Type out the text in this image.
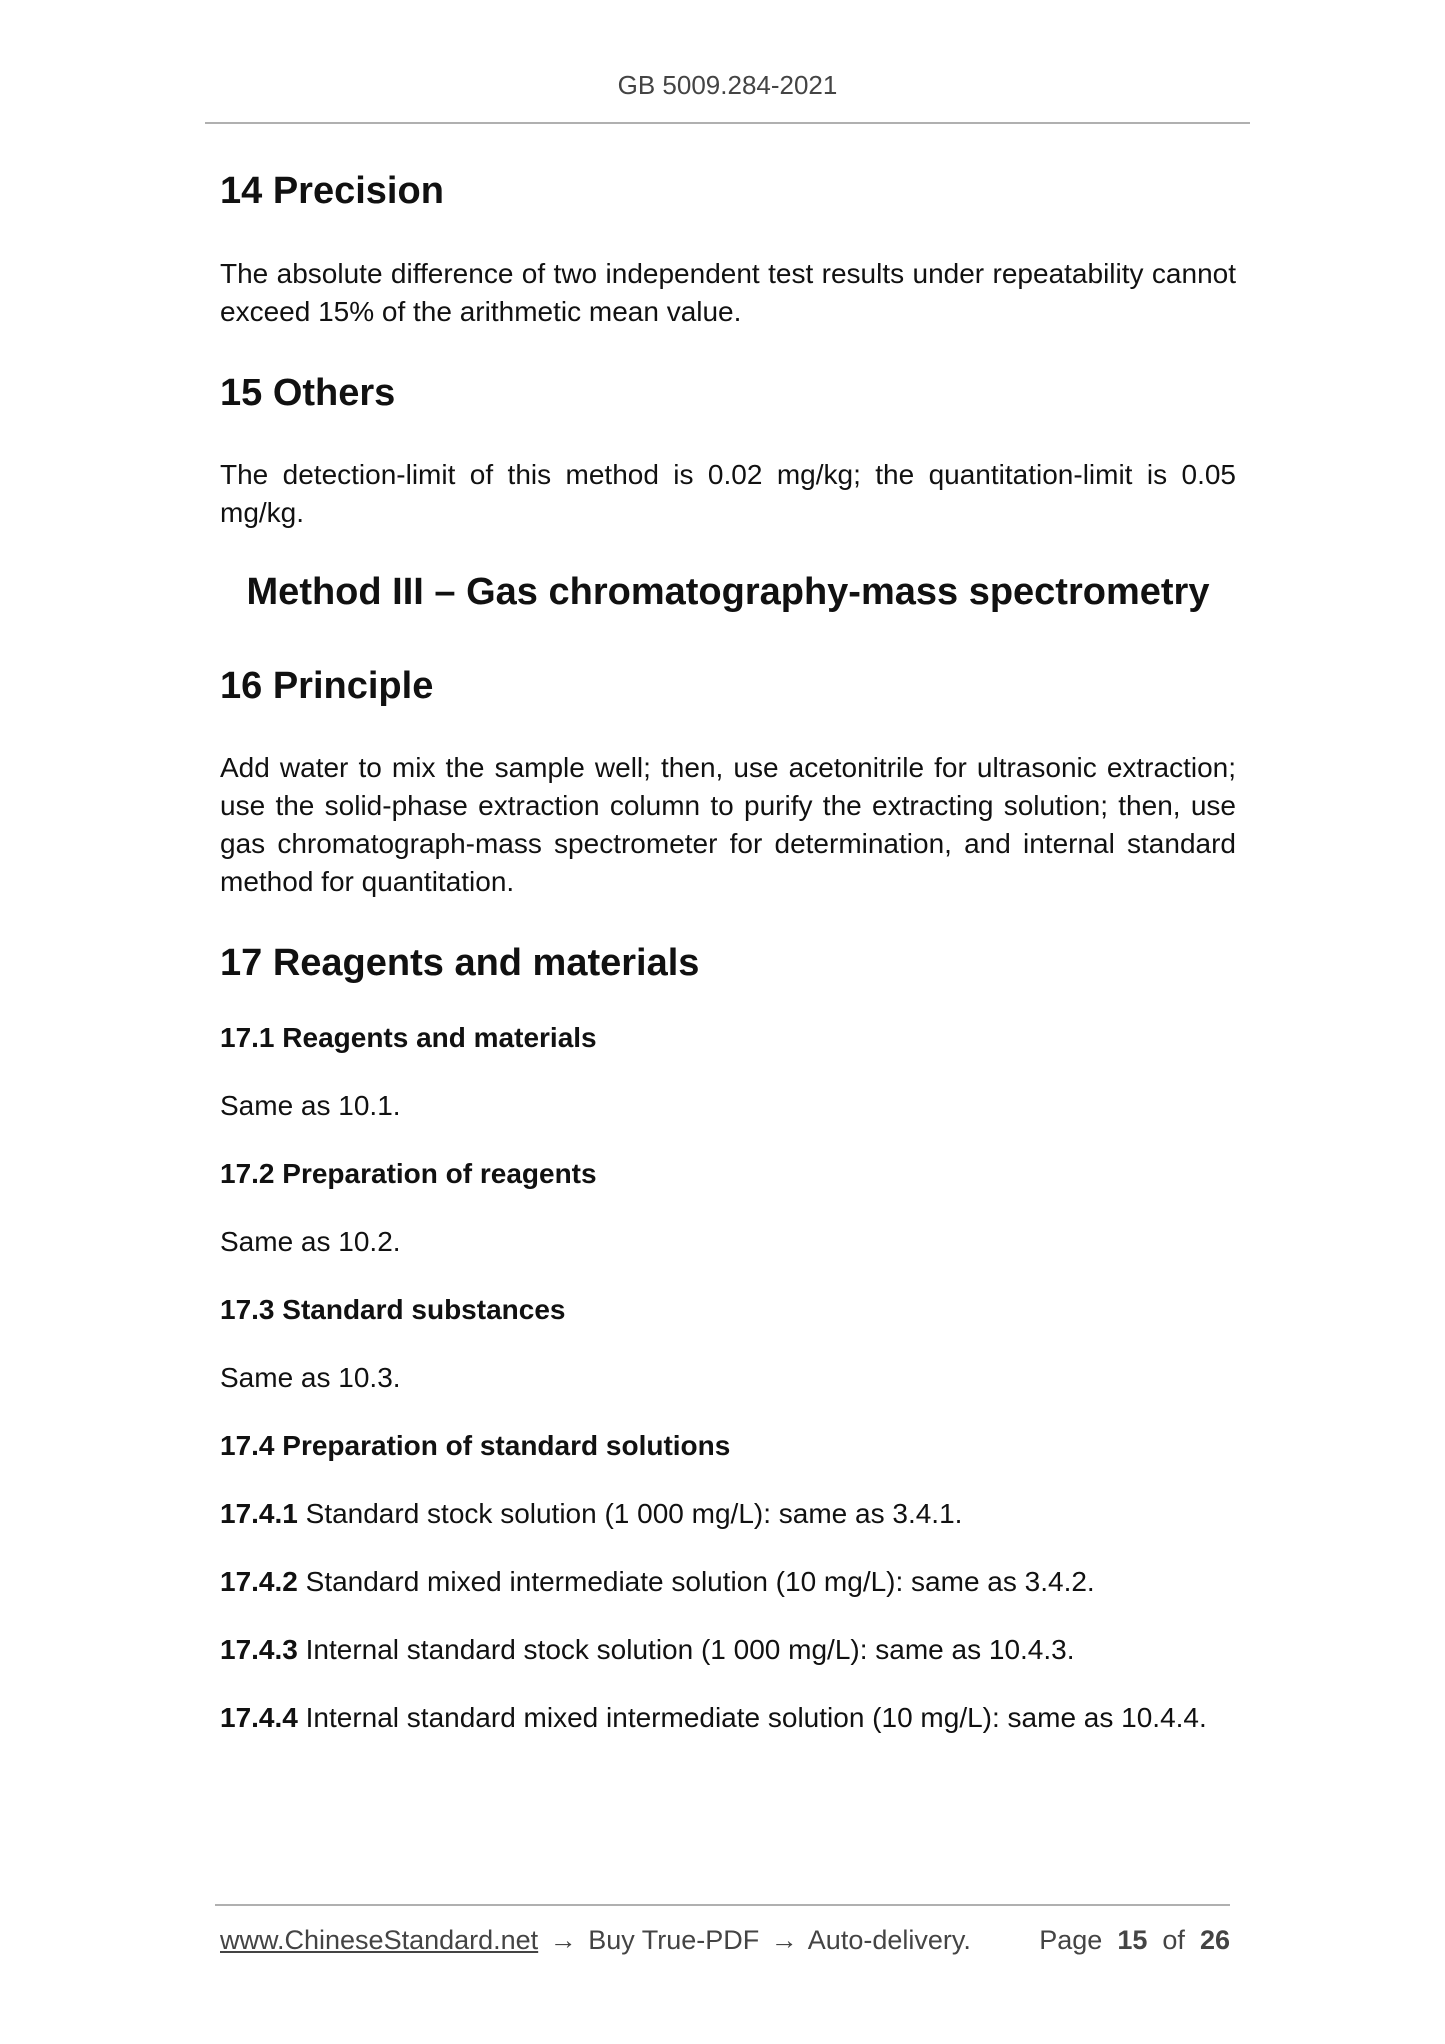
GB 5009.284-2021
14 Precision

The absolute difference of two independent test results under repeatability cannot exceed 15% of the arithmetic mean value.

15 Others

The detection-limit of this method is 0.02 mg/kg; the quantitation-limit is 0.05 mg/kg.

Method III – Gas chromatography-mass spectrometry
16 Principle

Add water to mix the sample well; then, use acetonitrile for ultrasonic extraction; use the solid-phase extraction column to purify the extracting solution; then, use gas chromatograph-mass spectrometer for determination, and internal standard method for quantitation.

17 Reagents and materials
17.1 Reagents and materials

Same as 10.1.

17.2 Preparation of reagents

Same as 10.2.

17.3 Standard substances

Same as 10.3.

17.4 Preparation of standard solutions

17.4.1 Standard stock solution (1 000 mg/L): same as 3.4.1.

17.4.2 Standard mixed intermediate solution (10 mg/L): same as 3.4.2.

17.4.3 Internal standard stock solution (1 000 mg/L): same as 10.4.3.

17.4.4 Internal standard mixed intermediate solution (10 mg/L): same as 10.4.4.

www.ChineseStandard.net → Buy True-PDF → Auto-delivery.	Page 15 of 26
